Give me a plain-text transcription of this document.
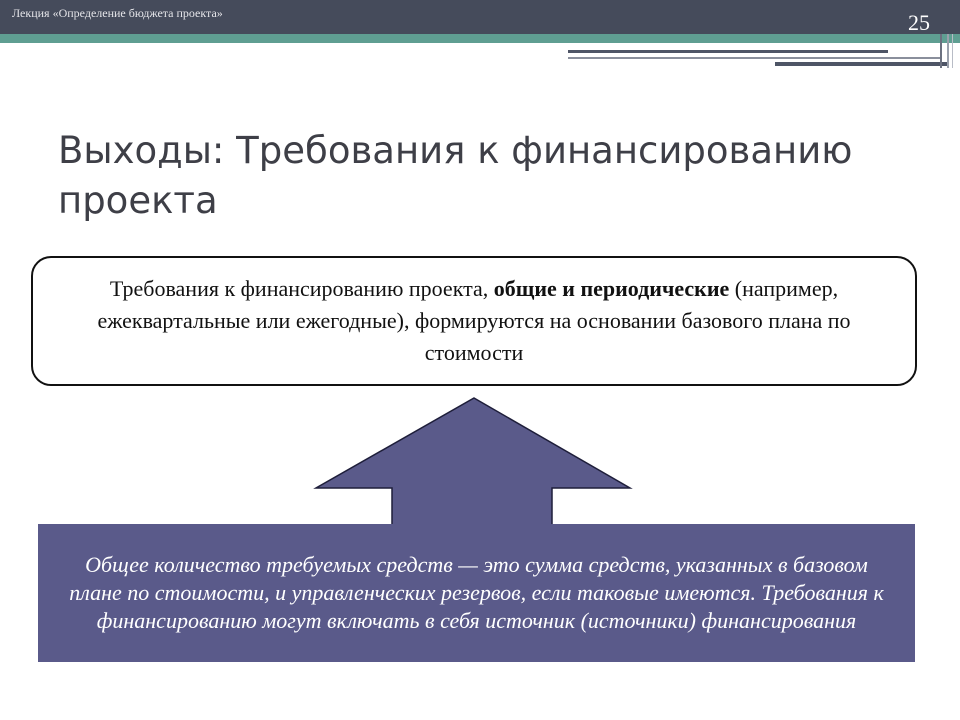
Лекция «Определение бюджета проекта»	25
Выходы: Требования к финансированию проекта
Требования к финансированию проекта, общие и периодические (например, ежеквартальные или ежегодные), формируются на основании базового плана по стоимости
Общее количество требуемых средств — это сумма средств, указанных в базовом плане по стоимости, и управленческих резервов, если таковые имеются. Требования к финансированию могут включать в себя источник (источники) финансирования
